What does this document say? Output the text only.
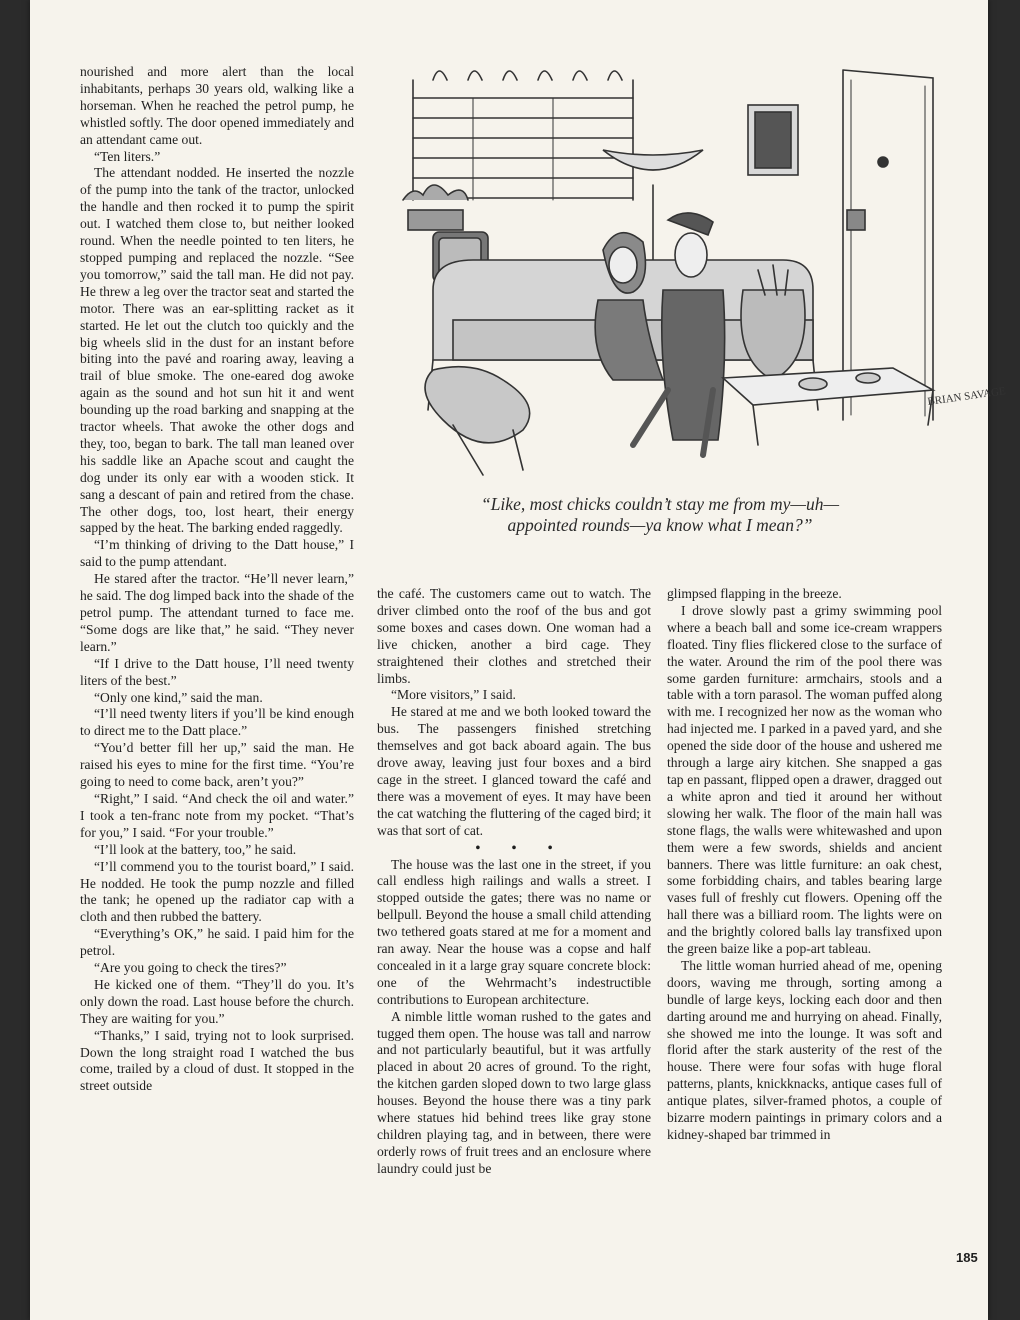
nourished and more alert than the local inhabitants, perhaps 30 years old, walking like a horseman. When he reached the petrol pump, he whistled softly. The door opened immediately and an attendant came out.

“Ten liters.”

The attendant nodded. He inserted the nozzle of the pump into the tank of the tractor, unlocked the handle and then rocked it to pump the spirit out. I watched them close to, but neither looked round. When the needle pointed to ten liters, he stopped pumping and replaced the nozzle. “See you tomorrow,” said the tall man. He did not pay. He threw a leg over the tractor seat and started the motor. There was an ear-splitting racket as it started. He let out the clutch too quickly and the big wheels slid in the dust for an instant before biting into the pavé and roaring away, leaving a trail of blue smoke. The one-eared dog awoke again as the sound and hot sun hit it and went bounding up the road barking and snapping at the tractor wheels. That awoke the other dogs and they, too, began to bark. The tall man leaned over his saddle like an Apache scout and caught the dog under its only ear with a wooden stick. It sang a descant of pain and retired from the chase. The other dogs, too, lost heart, their energy sapped by the heat. The barking ended raggedly.

“I’m thinking of driving to the Datt house,” I said to the pump attendant.

He stared after the tractor. “He’ll never learn,” he said. The dog limped back into the shade of the petrol pump. The attendant turned to face me. “Some dogs are like that,” he said. “They never learn.”

“If I drive to the Datt house, I’ll need twenty liters of the best.”

“Only one kind,” said the man.

“I’ll need twenty liters if you’ll be kind enough to direct me to the Datt place.”

“You’d better fill her up,” said the man. He raised his eyes to mine for the first time. “You’re going to need to come back, aren’t you?”

“Right,” I said. “And check the oil and water.” I took a ten-franc note from my pocket. “That’s for you,” I said. “For your trouble.”

“I’ll look at the battery, too,” he said.

“I’ll commend you to the tourist board,” I said. He nodded. He took the pump nozzle and filled the tank; he opened up the radiator cap with a cloth and then rubbed the battery.

“Everything’s OK,” he said. I paid him for the petrol.

“Are you going to check the tires?”

He kicked one of them. “They’ll do you. It’s only down the road. Last house before the church. They are waiting for you.”

“Thanks,” I said, trying not to look surprised. Down the long straight road I watched the bus come, trailed by a cloud of dust. It stopped in the street outside

BRIAN SAVAGE
“Like, most chicks couldn’t stay me from my—uh—
appointed rounds—ya know what I mean?”

the café. The customers came out to watch. The driver climbed onto the roof of the bus and got some boxes and cases down. One woman had a live chicken, another a bird cage. They straightened their clothes and stretched their limbs.

“More visitors,” I said.

He stared at me and we both looked toward the bus. The passengers finished stretching themselves and got back aboard again. The bus drove away, leaving just four boxes and a bird cage in the street. I glanced toward the café and there was a movement of eyes. It may have been the cat watching the fluttering of the caged bird; it was that sort of cat.

• • •

The house was the last one in the street, if you call endless high railings and walls a street. I stopped outside the gates; there was no name or bellpull. Beyond the house a small child attending two tethered goats stared at me for a moment and ran away. Near the house was a copse and half concealed in it a large gray square concrete block: one of the Wehrmacht’s indestructible contributions to European architecture.

A nimble little woman rushed to the gates and tugged them open. The house was tall and narrow and not particularly beautiful, but it was artfully placed in about 20 acres of ground. To the right, the kitchen garden sloped down to two large glass houses. Beyond the house there was a tiny park where statues hid behind trees like gray stone children playing tag, and in between, there were orderly rows of fruit trees and an enclosure where laundry could just be

glimpsed flapping in the breeze.

I drove slowly past a grimy swimming pool where a beach ball and some ice-cream wrappers floated. Tiny flies flickered close to the surface of the water. Around the rim of the pool there was some garden furniture: armchairs, stools and a table with a torn parasol. The woman puffed along with me. I recognized her now as the woman who had injected me. I parked in a paved yard, and she opened the side door of the house and ushered me through a large airy kitchen. She snapped a gas tap en passant, flipped open a drawer, dragged out a white apron and tied it around her without slowing her walk. The floor of the main hall was stone flags, the walls were whitewashed and upon them were a few swords, shields and ancient banners. There was little furniture: an oak chest, some forbidding chairs, and tables bearing large vases full of freshly cut flowers. Opening off the hall there was a billiard room. The lights were on and the brightly colored balls lay transfixed upon the green baize like a pop-art tableau.

The little woman hurried ahead of me, opening doors, waving me through, sorting among a bundle of large keys, locking each door and then darting around me and hurrying on ahead. Finally, she showed me into the lounge. It was soft and florid after the stark austerity of the rest of the house. There were four sofas with huge floral patterns, plants, knickknacks, antique cases full of antique plates, silver-framed photos, a couple of bizarre modern paintings in primary colors and a kidney-shaped bar trimmed in

185
